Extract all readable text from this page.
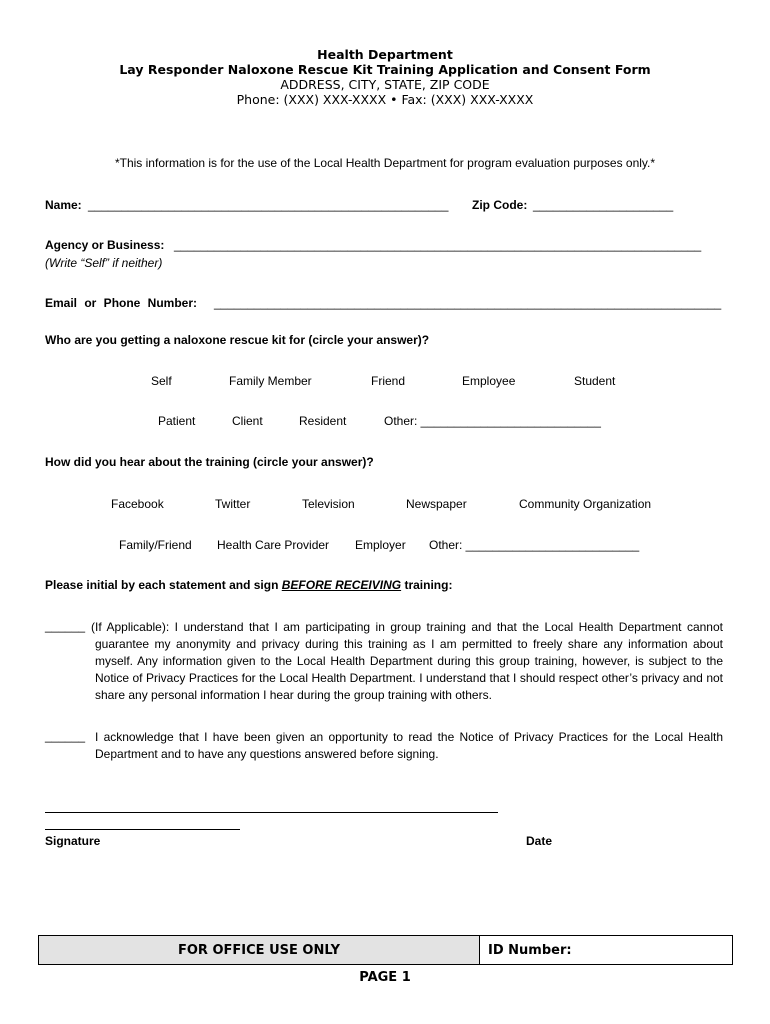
Health Department
Lay Responder Naloxone Rescue Kit Training Application and Consent Form
ADDRESS, CITY, STATE, ZIP CODE
Phone: (XXX) XXX-XXXX • Fax: (XXX) XXX-XXXX
*This information is for the use of the Local Health Department for program evaluation purposes only.*
Name: ______________________________________________________ Zip Code: _____________________
Agency or Business: _______________________________________________________________________________
(Write “Self” if neither)
Email or Phone Number: ____________________________________________________________________________
Who are you getting a naloxone rescue kit for (circle your answer)?
Self	Family Member	Friend	Employee	Student
Patient	Client	Resident	Other: ___________________________
How did you hear about the training (circle your answer)?
Facebook	Twitter	Television	Newspaper	Community Organization
Family/Friend Health Care Provider Employer Other: __________________________
Please initial by each statement and sign BEFORE RECEIVING training:
______ (If Applicable): I understand that I am participating in group training and that the Local Health Department cannot guarantee my anonymity and privacy during this training as I am permitted to freely share any information about myself. Any information given to the Local Health Department during this group training, however, is subject to the Notice of Privacy Practices for the Local Health Department. I understand that I should respect other’s privacy and not share any personal information I hear during the group training with others.
______ I acknowledge that I have been given an opportunity to read the Notice of Privacy Practices for the Local Health Department and to have any questions answered before signing.
Signature	Date
FOR OFFICE USE ONLY	ID Number:
PAGE 1
